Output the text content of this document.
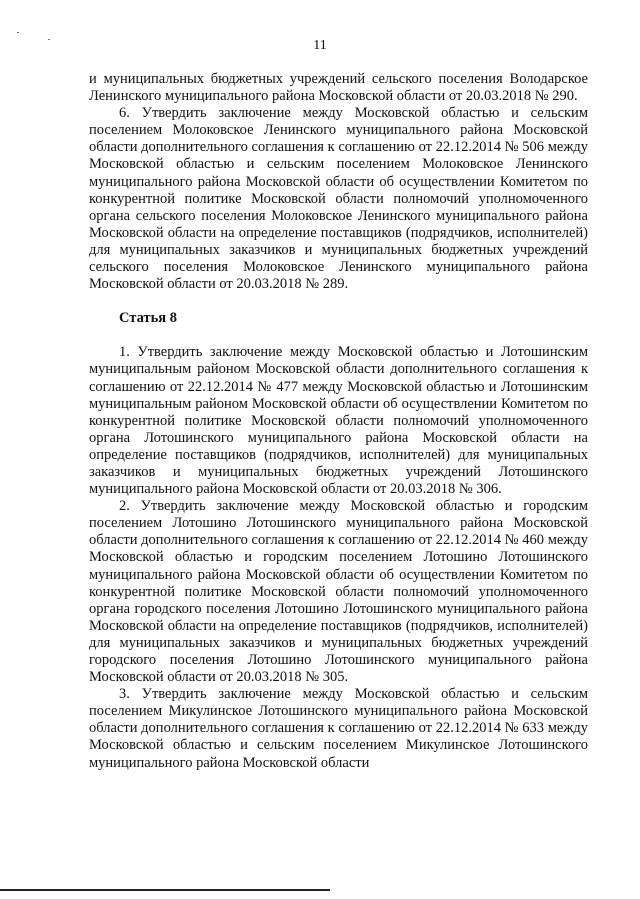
11

и муниципальных бюджетных учреждений сельского поселения Володарское Ленинского муниципального района Московской области от 20.03.2018 № 290.

6. Утвердить заключение между Московской областью и сельским поселением Молоковское Ленинского муниципального района Московской области дополнительного соглашения к соглашению от 22.12.2014 № 506 между Московской областью и сельским поселением Молоковское Ленинского муниципального района Московской области об осуществлении Комитетом по конкурентной политике Московской области полномочий уполномоченного органа сельского поселения Молоковское Ленинского муниципального района Московской области на определение поставщиков (подрядчиков, исполнителей) для муниципальных заказчиков и муниципальных бюджетных учреждений сельского поселения Молоковское Ленинского муниципального района Московской области от 20.03.2018 № 289.

Статья 8

1. Утвердить заключение между Московской областью и Лотошинским муниципальным районом Московской области дополнительного соглашения к соглашению от 22.12.2014 № 477 между Московской областью и Лотошинским муниципальным районом Московской области об осуществлении Комитетом по конкурентной политике Московской области полномочий уполномоченного органа Лотошинского муниципального района Московской области на определение поставщиков (подрядчиков, исполнителей) для муниципальных заказчиков и муниципальных бюджетных учреждений Лотошинского муниципального района Московской области от 20.03.2018 № 306.

2. Утвердить заключение между Московской областью и городским поселением Лотошино Лотошинского муниципального района Московской области дополнительного соглашения к соглашению от 22.12.2014 № 460 между Московской областью и городским поселением Лотошино Лотошинского муниципального района Московской области об осуществлении Комитетом по конкурентной политике Московской области полномочий уполномоченного органа городского поселения Лотошино Лотошинского муниципального района Московской области на определение поставщиков (подрядчиков, исполнителей) для муниципальных заказчиков и муниципальных бюджетных учреждений городского поселения Лотошино Лотошинского муниципального района Московской области от 20.03.2018 № 305.

3. Утвердить заключение между Московской областью и сельским поселением Микулинское Лотошинского муниципального района Московской области дополнительного соглашения к соглашению от 22.12.2014 № 633 между Московской областью и сельским поселением Микулинское Лотошинского муниципального района Московской области
